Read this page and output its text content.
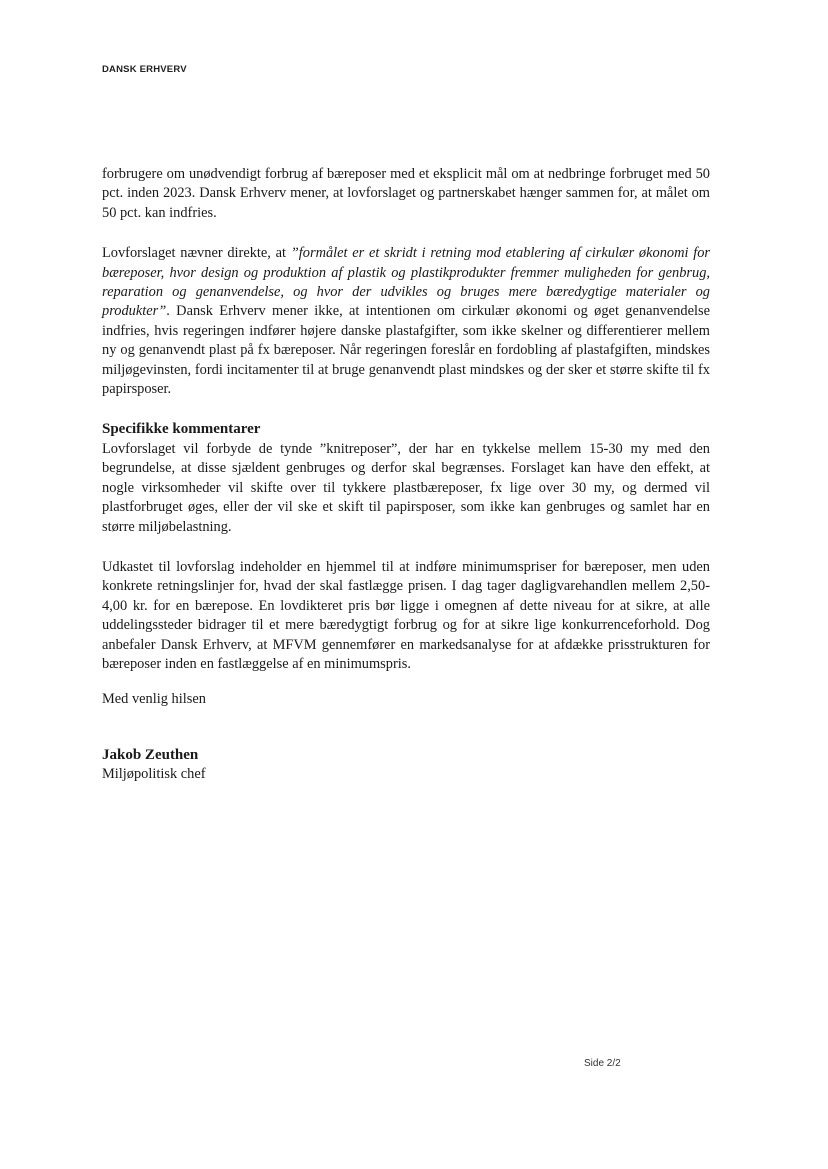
DANSK ERHVERV

forbrugere om unødvendigt forbrug af bæreposer med et eksplicit mål om at nedbringe forbruget med 50 pct. inden 2023. Dansk Erhverv mener, at lovforslaget og partnerskabet hænger sammen for, at målet om 50 pct. kan indfries.

Lovforslaget nævner direkte, at ”formålet er et skridt i retning mod etablering af cirkulær økonomi for bæreposer, hvor design og produktion af plastik og plastikprodukter fremmer muligheden for genbrug, reparation og genanvendelse, og hvor der udvikles og bruges mere bæredygtige materialer og produkter”. Dansk Erhverv mener ikke, at intentionen om cirkulær økonomi og øget genanvendelse indfries, hvis regeringen indfører højere danske plastafgifter, som ikke skelner og differentierer mellem ny og genanvendt plast på fx bæreposer. Når regeringen foreslår en fordobling af plastafgiften, mindskes miljøgevinsten, fordi incitamenter til at bruge genanvendt plast mindskes og der sker et større skifte til fx papirsposer.

Specifikke kommentarer

Lovforslaget vil forbyde de tynde ”knitreposer”, der har en tykkelse mellem 15-30 my med den begrundelse, at disse sjældent genbruges og derfor skal begrænses. Forslaget kan have den effekt, at nogle virksomheder vil skifte over til tykkere plastbæreposer, fx lige over 30 my, og dermed vil plastforbruget øges, eller der vil ske et skift til papirsposer, som ikke kan genbruges og samlet har en større miljøbelastning.

Udkastet til lovforslag indeholder en hjemmel til at indføre minimumspriser for bæreposer, men uden konkrete retningslinjer for, hvad der skal fastlægge prisen. I dag tager dagligvarehandlen mellem 2,50-4,00 kr. for en bærepose. En lovdikteret pris bør ligge i omegnen af dette niveau for at sikre, at alle uddelingssteder bidrager til et mere bæredygtigt forbrug og for at sikre lige konkurrenceforhold. Dog anbefaler Dansk Erhverv, at MFVM gennemfører en markedsanalyse for at afdække prisstrukturen for bæreposer inden en fastlæggelse af en minimumspris.

Med venlig hilsen
Jakob Zeuthen
Miljøpolitisk chef
Side 2/2
